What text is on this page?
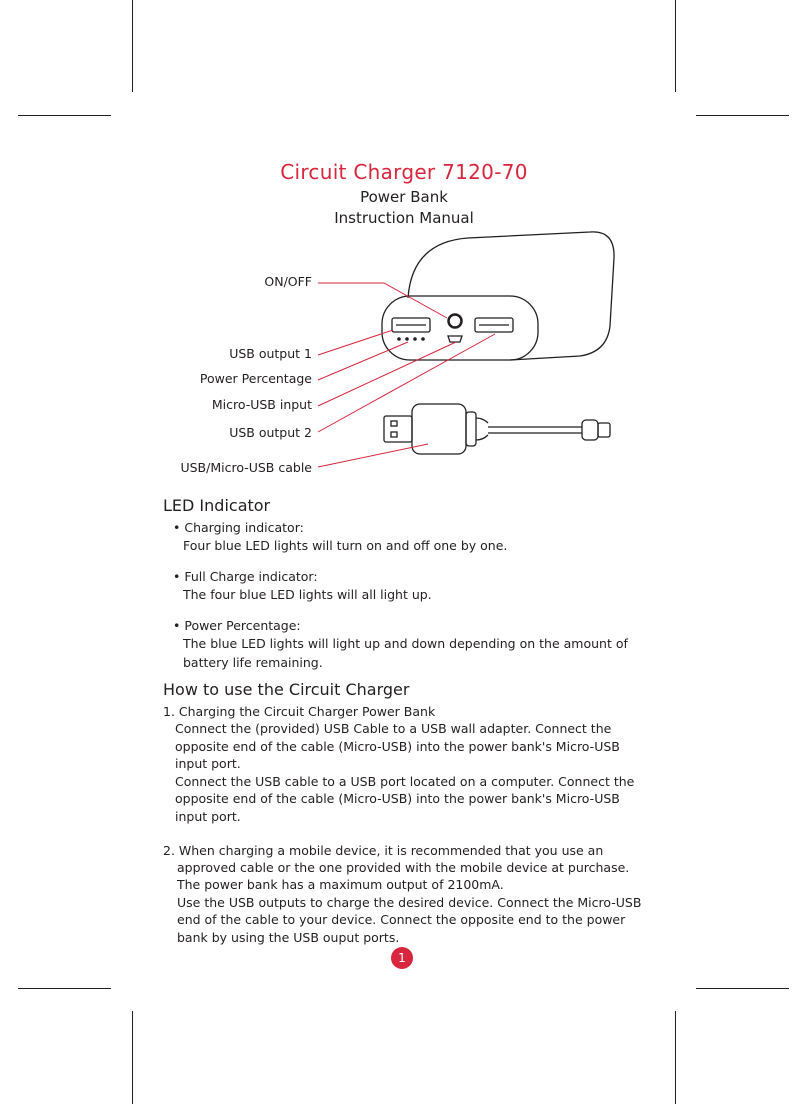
Circuit Charger 7120-70
Power Bank
Instruction Manual
ON/OFF
USB output 1
Power Percentage
Micro-USB input
USB output 2
USB/Micro-USB cable
LED Indicator
• Charging indicator:
Four blue LED lights will turn on and off one by one.
• Full Charge indicator:
The four blue LED lights will all light up.
• Power Percentage:
The blue LED lights will light up and down depending on the amount of
battery life remaining.
How to use the Circuit Charger
1. Charging the Circuit Charger Power Bank
Connect the (provided) USB Cable to a USB wall adapter. Connect the
opposite end of the cable (Micro-USB) into the power bank's Micro-USB
input port.
Connect the USB cable to a USB port located on a computer. Connect the
opposite end of the cable (Micro-USB) into the power bank's Micro-USB
input port.
2. When charging a mobile device, it is recommended that you use an
approved cable or the one provided with the mobile device at purchase.
The power bank has a maximum output of 2100mA.
Use the USB outputs to charge the desired device. Connect the Micro-USB
end of the cable to your device. Connect the opposite end to the power
bank by using the USB ouput ports.
1
